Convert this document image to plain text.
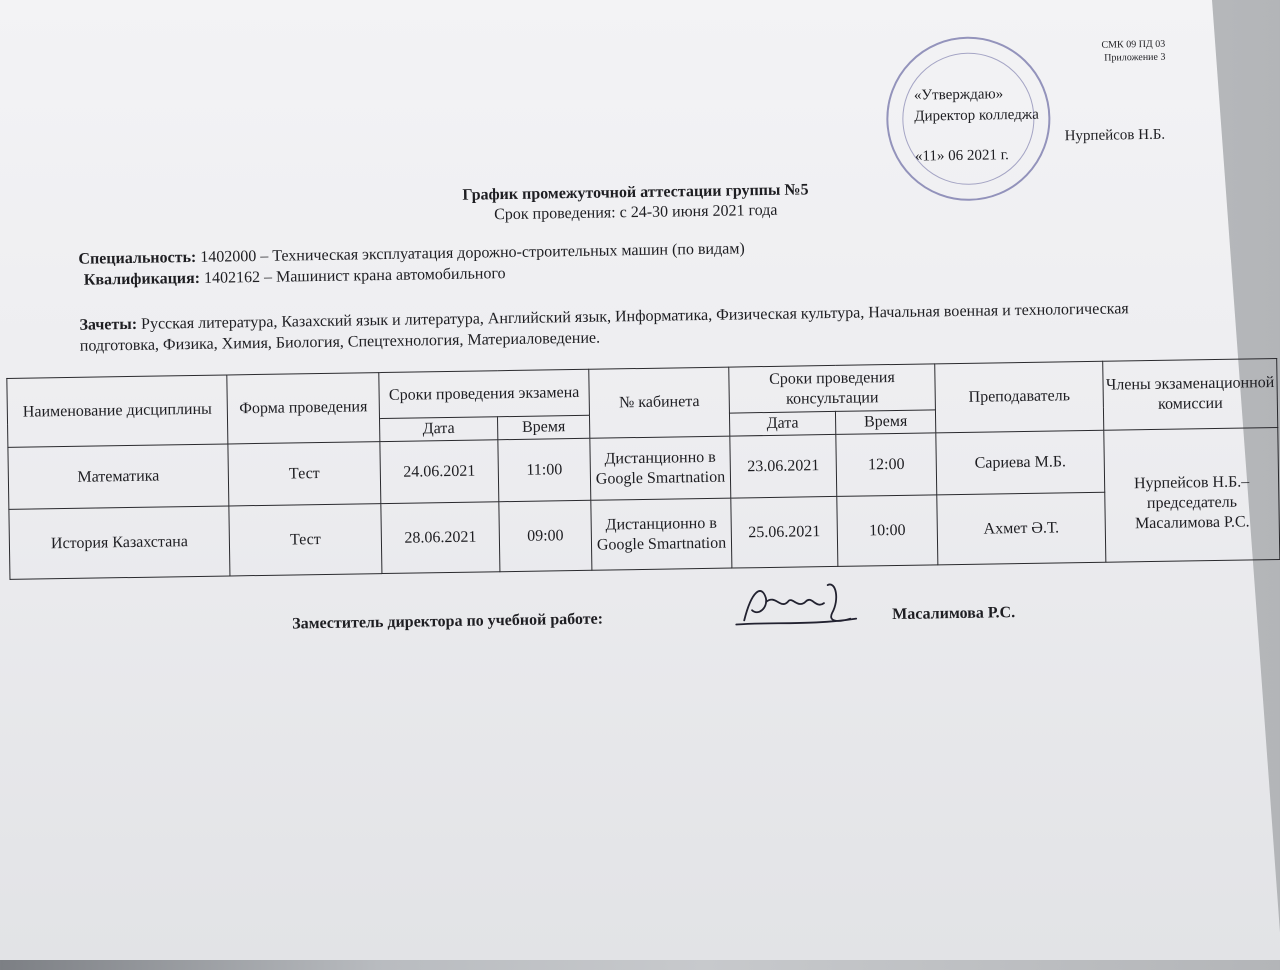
СМК 09 ПД 03
Приложение 3
«Утверждаю»
Директор колледжа
Нурпейсов Н.Б.
«11» 06 2021 г.
График промежуточной аттестации группы №5
Срок проведения: с 24-30 июня 2021 года
Специальность: 1402000 – Техническая эксплуатация дорожно-строительных машин (по видам)
Квалификация: 1402162 – Машинист крана автомобильного
Зачеты: Русская литература, Казахский язык и литература, Английский язык, Информатика, Физическая культура, Начальная военная и технологическая подготовка, Физика, Химия, Биология, Спецтехнология, Материаловедение.
Наименование дисциплины	Форма проведения	Сроки проведения экзамена		№ кабинета	Сроки проведения консультации		Преподаватель	Члены экзаменационной комиссии
		Дата	Время		Дата	Время		
Математика	Тест	24.06.2021	11:00	Дистанционно в Google Smartnation	23.06.2021	12:00	Сариева М.Б.	Нурпейсов Н.Б.– председатель Масалимова Р.С.
История Казахстана	Тест	28.06.2021	09:00	Дистанционно в Google Smartnation	25.06.2021	10:00	Ахмет Ә.Т.	
Заместитель директора по учебной работе:	Масалимова Р.С.
